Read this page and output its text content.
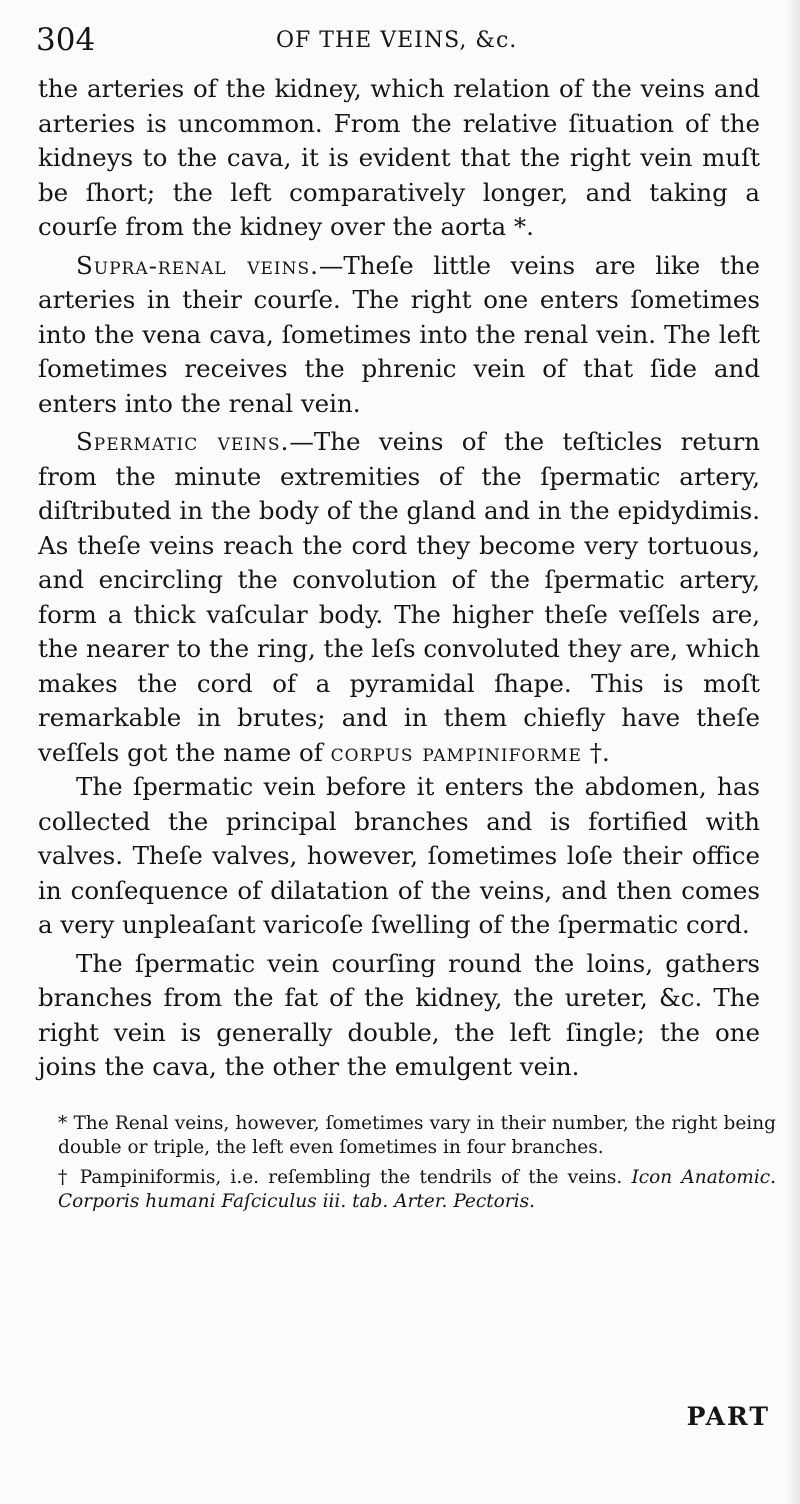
304	OF THE VEINS, &c.

the arteries of the kidney, which relation of the veins and arteries is uncommon. From the relative ſituation of the kidneys to the cava, it is evident that the right vein muſt be ſhort; the left comparatively longer, and taking a courſe from the kidney over the aorta *.

Supra-renal veins.—Theſe little veins are like the arteries in their courſe. The right one enters ſometimes into the vena cava, ſometimes into the renal vein. The left ſometimes receives the phrenic vein of that ſide and enters into the renal vein.

Spermatic veins.—The veins of the teſticles return from the minute extremities of the ſpermatic artery, diſtributed in the body of the gland and in the epidydimis. As theſe veins reach the cord they become very tortuous, and encircling the convolution of the ſpermatic artery, form a thick vaſcular body. The higher theſe veſſels are, the nearer to the ring, the leſs convoluted they are, which makes the cord of a pyramidal ſhape. This is moſt remarkable in brutes; and in them chiefly have theſe veſſels got the name of corpus pampiniforme †.

The ſpermatic vein before it enters the abdomen, has collected the principal branches and is fortified with valves. Theſe valves, however, ſometimes loſe their office in conſequence of dilatation of the veins, and then comes a very unpleaſant varicoſe ſwelling of the ſpermatic cord.

The ſpermatic vein courſing round the loins, gathers branches from the fat of the kidney, the ureter, &c. The right vein is generally double, the left ſingle; the one joins the cava, the other the emulgent vein.

* The Renal veins, however, ſometimes vary in their number, the right being double or triple, the left even ſometimes in four branches.

† Pampiniformis, i.e. reſembling the tendrils of the veins. Icon Anatomic. Corporis humani Faſciculus iii. tab. Arter. Pectoris.

PART
